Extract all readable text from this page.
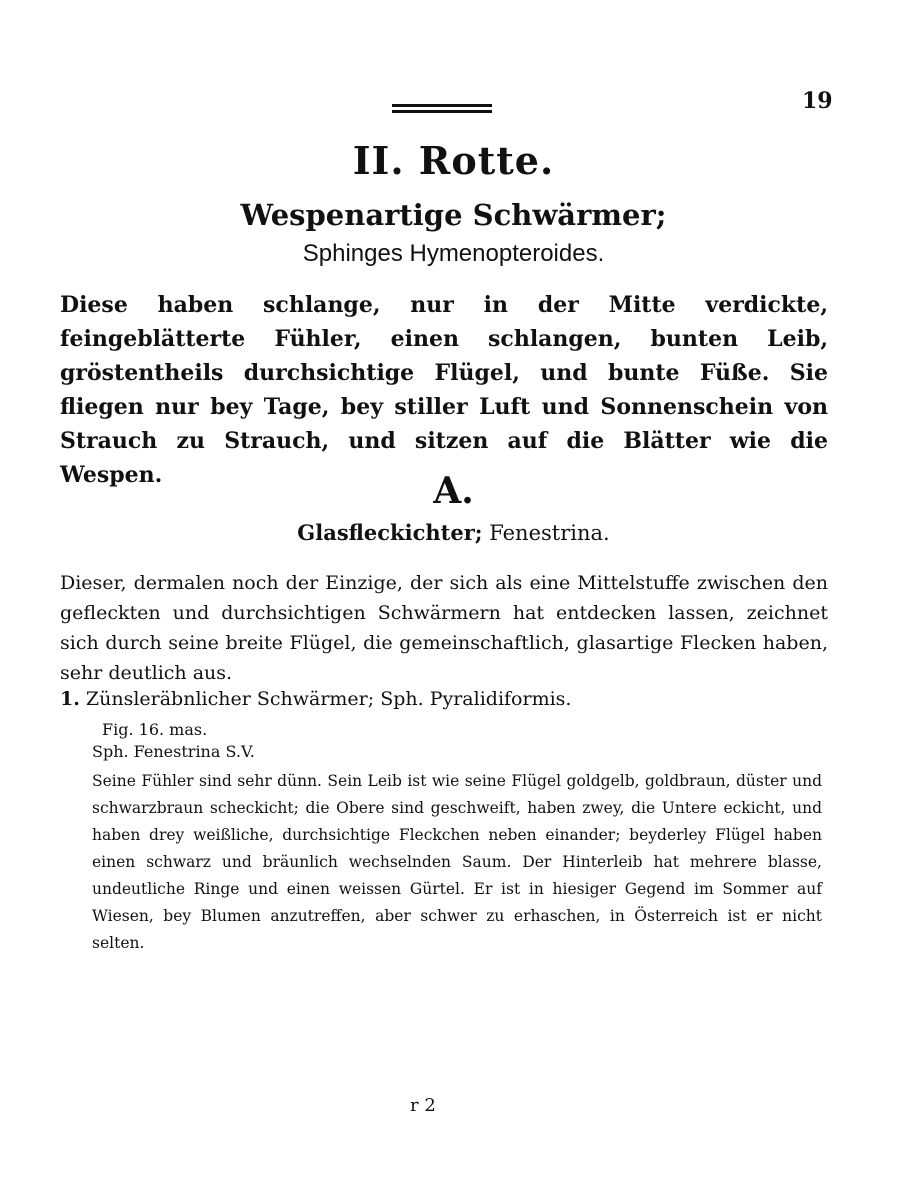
19
II. Rotte.
Wespenartige Schwärmer;
Sphinges Hymenopteroides.
Diese haben schlange, nur in der Mitte verdickte, feingeblätterte Fühler, einen schlangen, bunten Leib, gröstentheils durchsichtige Flügel, und bunte Füße. Sie fliegen nur bey Tage, bey stiller Luft und Sonnenschein von Strauch zu Strauch, und sitzen auf die Blätter wie die Wespen.	A.
Glasfleckichter; Fenestrina.
Dieser, dermalen noch der Einzige, der sich als eine Mittelstuffe zwischen den gefleckten und durchsichtigen Schwärmern hat entdecken lassen, zeichnet sich durch seine breite Flügel, die gemeinschaftlich, glasartige Flecken haben, sehr deutlich aus.
1. Zünsleräbnlicher Schwärmer; Sph. Pyralidiformis.
Fig. 16. mas.
Sph. Fenestrina S.V.
Seine Fühler sind sehr dünn. Sein Leib ist wie seine Flügel goldgelb, goldbraun, düster und schwarzbraun scheckicht; die Obere sind geschweift, haben zwey, die Untere eckicht, und haben drey weißliche, durchsichtige Fleckchen neben einander; beyderley Flügel haben einen schwarz und bräunlich wechselnden Saum. Der Hinterleib hat mehrere blasse, undeutliche Ringe und einen weissen Gürtel. Er ist in hiesiger Gegend im Sommer auf Wiesen, bey Blumen anzutreffen, aber schwer zu erhaschen, in Österreich ist er nicht selten.
r 2
